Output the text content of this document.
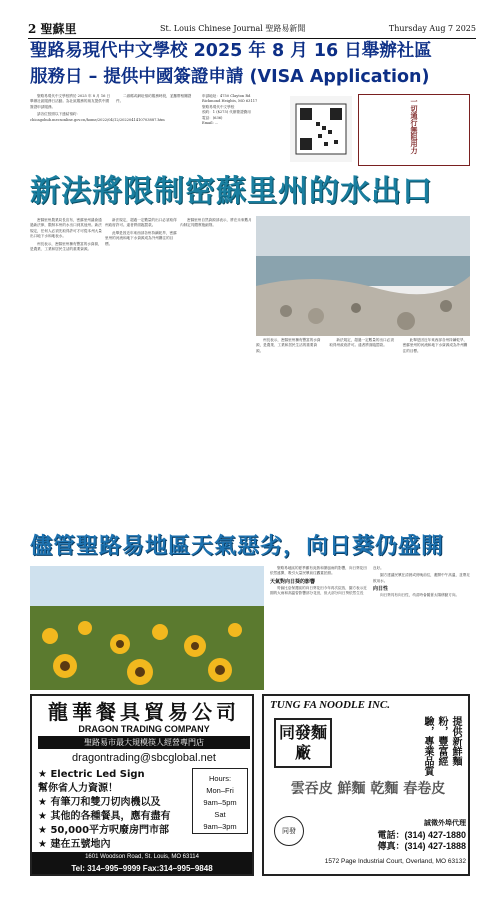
2 聖蘇里	St. Louis Chinese Journal 聖路易新聞	Thursday Aug 7 2025
聖路易現代中文學校 2025 年 8 月 16 日舉辦社區
服務日 – 提供中國簽證申請 (VISA Application)

聖路易現代中文學校將於 2025 年 8 月 16 日舉辦社區服務日活動。為社區服務的朋友提供中國簽證申請服務。

請各位按照以下連結預約：chicagohub.mecsonline.gov.cn/home/2022/04/12/2022041410703887.htm

二維碼或網址預約服務時段，並攜帶相關證件。

申請地址：4750 Clayton Rd
Richmond Heights, MO 63117
聖路易現代中文學校
預約：1 ($275) 代辦簽證費用
電話：(636)
Email: ...	一切通行無阻用力
新法將限制密蘇里州的水出口

密蘇里州農業局長宣布，密蘇里州議會通過新法律，限制本州的水出口到其他州。新法規定，任何人必須先取得許可才可從本州大量出口地下水和地表水。

州長表示，密蘇里州擁有豐富的水資源，是農業、工業和居民生活的重要資源。

新法規定，超過一定數量的出口必須取得州政府許可。違者將面臨罰款。

此舉是因近年來西部各州持續乾旱，密蘇里州的河流和地下水資源成為外州關注的目標。

密蘇里州自然資源部表示，將在未來數月內制定具體實施細則。

州長表示，密蘇里州擁有豐富的水資源，是農業、工業和居民生活的重要資源。

新法規定，超過一定數量的出口必須取得州政府許可。違者將面臨罰款。

此舉是因近年來西部各州持續乾旱，密蘇里州的河流和地下水資源成為外州關注的目標。

儘管聖路易地區天氣惡劣，向日葵仍盛開

聖路易地區的夏季雖有炎熱和暴風雨的影響，向日葵花田依然盛開，吸引大量民眾前往觀賞拍照。

天氣對向日葵的影響

哥倫比亞保護區的向日葵花田今年再次綻放，園方表示近期的大雨和高溫曾影響部分花田，但大部分向日葵依然生長良好。

園方建議民眾在清晨或傍晚前往，避開中午高溫，並帶足飲用水。

向日性

向日葵具有向日性，幼苗時會隨著太陽移動方向。

龍華餐具貿易公司
DRAGON TRADING COMPANY
聖路易市最大規模筷人經營專門店
dragontrading@sbcglobal.net
★ Electric Led Sign
幫你省人力資源！
★ 有筆刀和雙刀切肉機以及
★ 其他的各種餐具，應有盡有
★ 50,000平方呎廢房門市部
★ 建在五號地內
Hours:
Mon–Fri
9am–5pm
Sat
9am–3pm
1601 Woodson Road, St. Louis, MO 63114
Tel: 314–995–9999 Fax:314–995–9848
TUNG FA NOODLE INC.
同發麵廠	提供新鮮麵粉，豐富經驗，專業品質
雲吞皮 鮮麵 乾麵 春卷皮
同發
誠徵外埠代理
電話：(314) 427-1880
傳真：(314) 427-1888
1572 Page Industrial Court, Overland, MO 63132
